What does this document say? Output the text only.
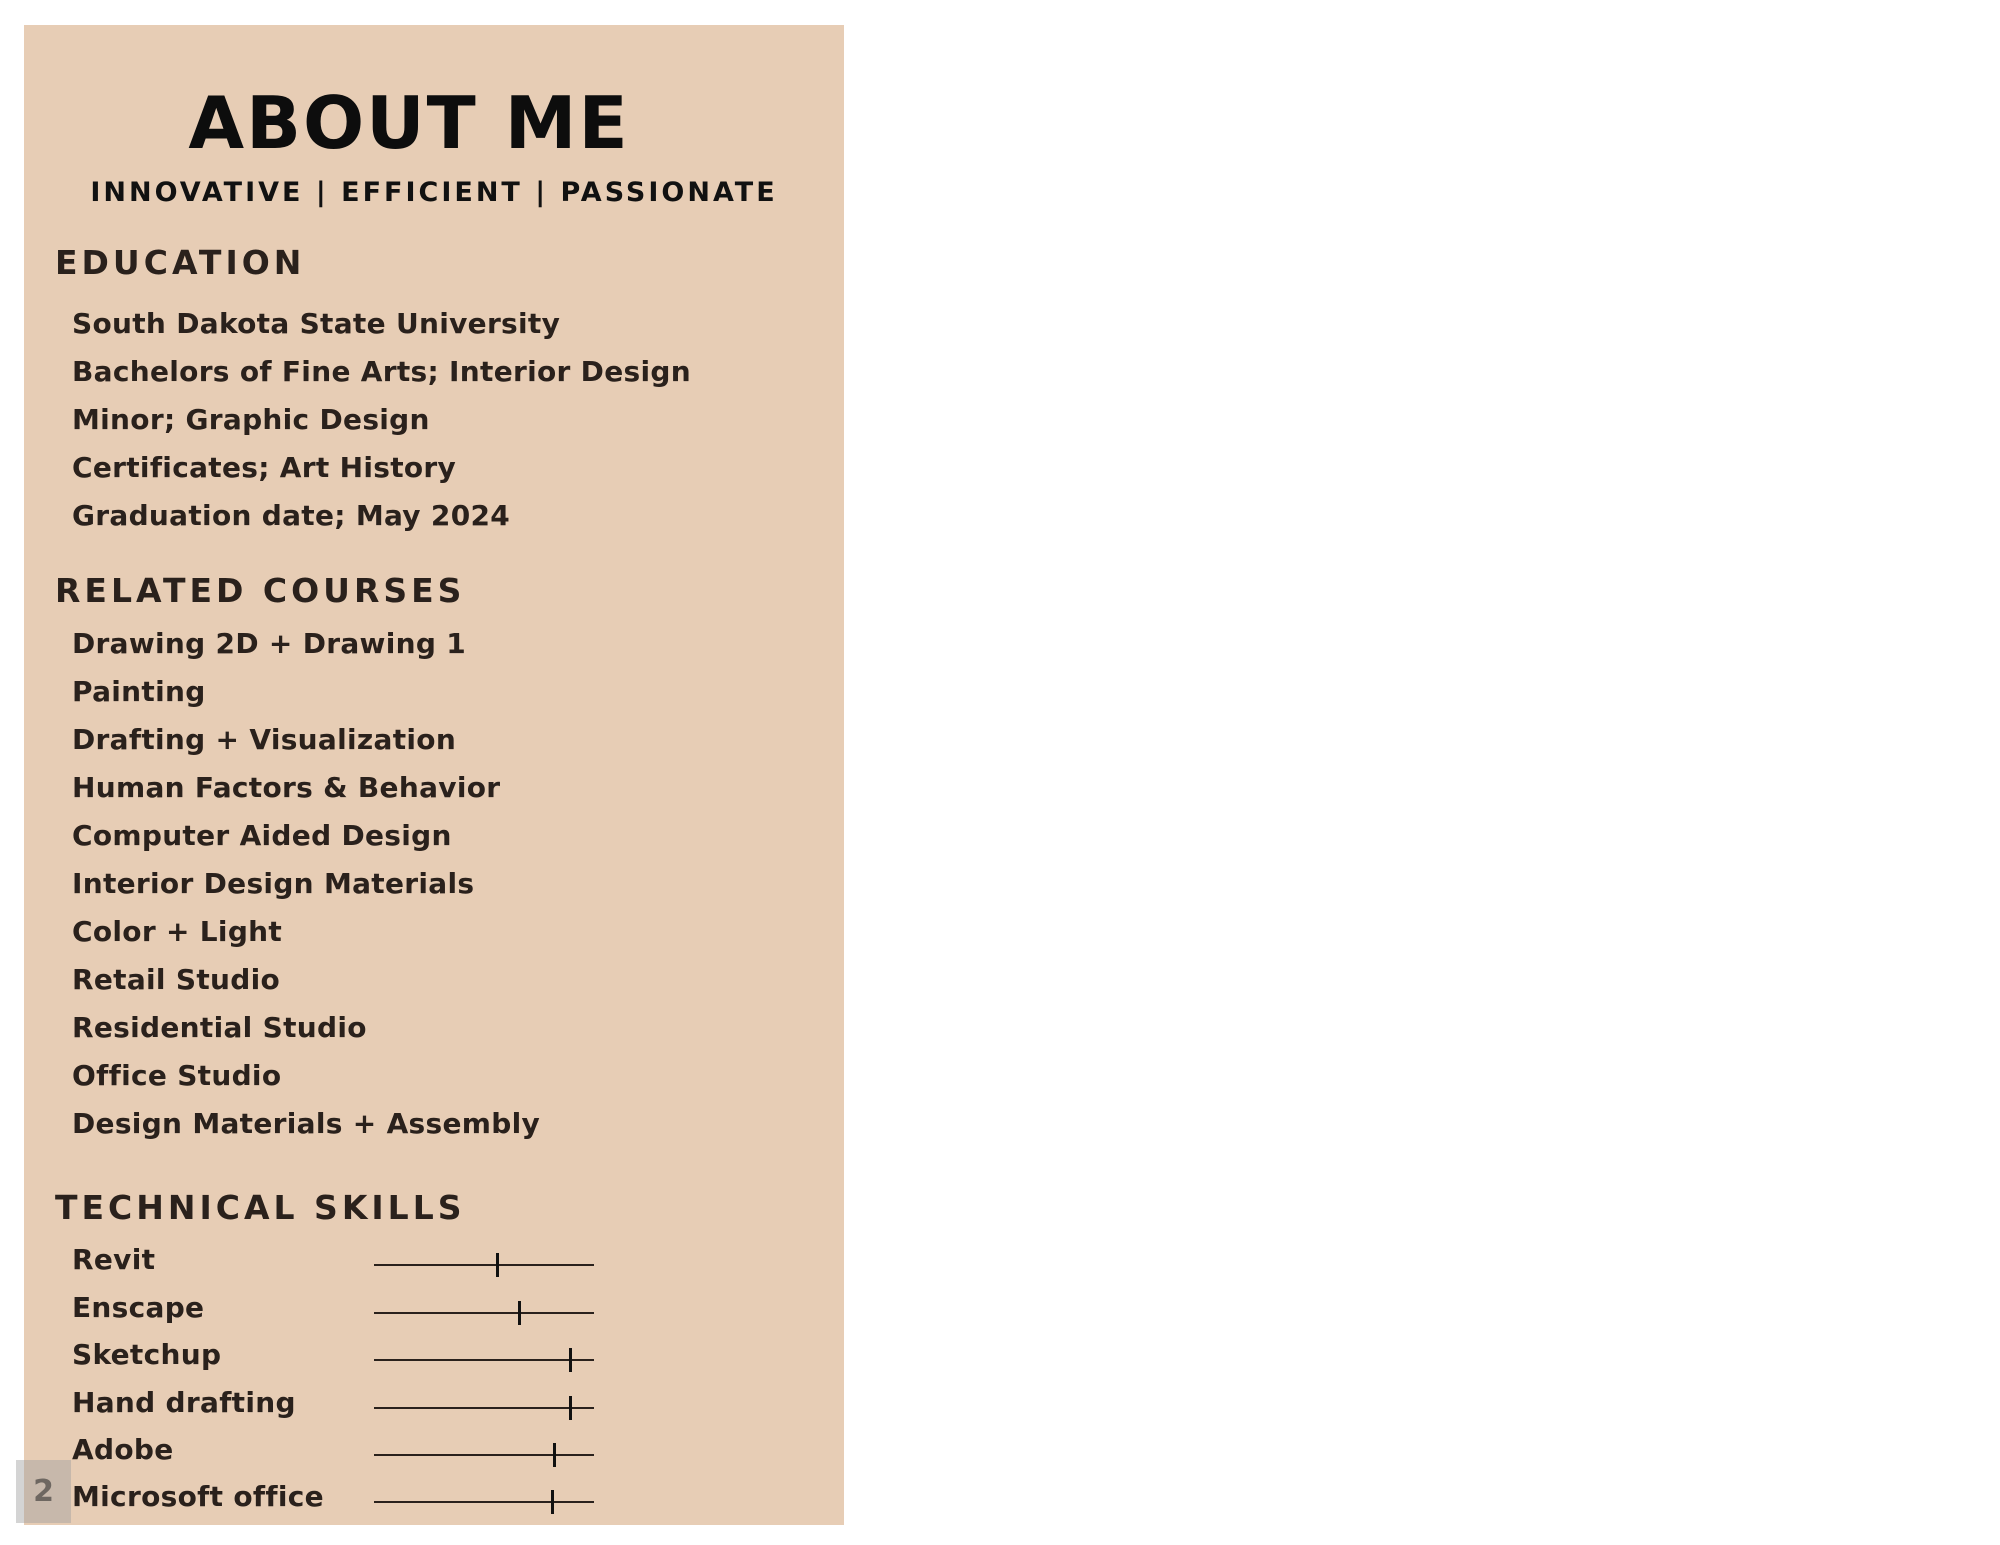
ABOUT ME
INNOVATIVE | EFFICIENT | PASSIONATE
EDUCATION
South Dakota State University
Bachelors of Fine Arts; Interior Design
Minor; Graphic Design
Certificates; Art History
Graduation date; May 2024
RELATED COURSES
Drawing 2D + Drawing 1
Painting
Drafting + Visualization
Human Factors & Behavior
Computer Aided Design
Interior Design Materials
Color + Light
Retail Studio
Residential Studio
Office Studio
Design Materials + Assembly
TECHNICAL SKILLS
Revit
Enscape
Sketchup
Hand drafting
Adobe
Microsoft office
2
